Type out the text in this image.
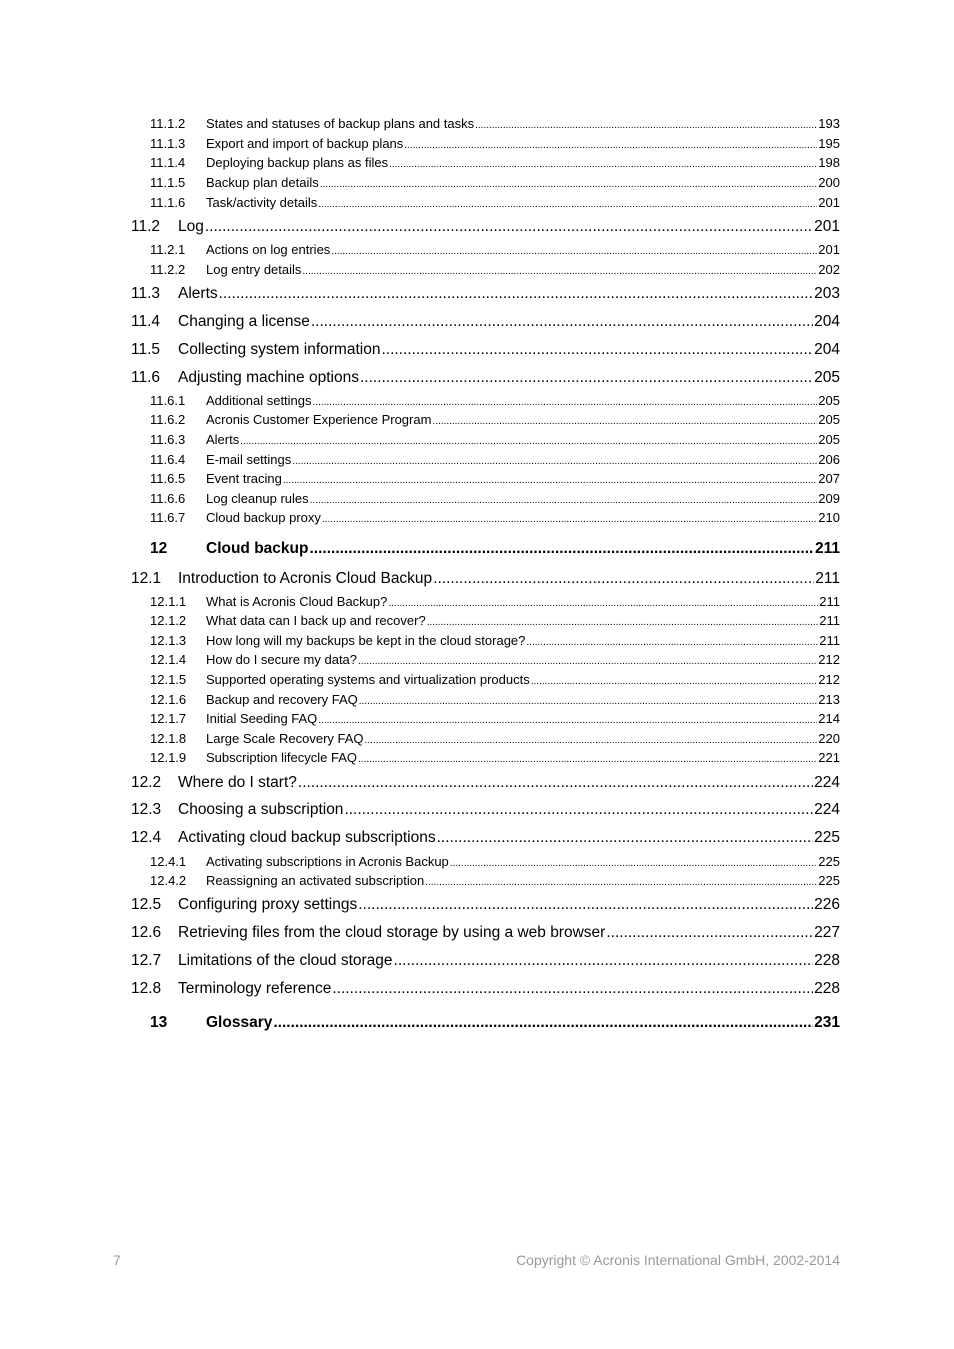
11.1.2	States and statuses of backup plans and tasks .....	193
11.1.3	Export and import of backup plans .....	195
11.1.4	Deploying backup plans as files .....	198
11.1.5	Backup plan details .....	200
11.1.6	Task/activity details .....	201
11.2	Log .....	201
11.2.1	Actions on log entries .....	201
11.2.2	Log entry details .....	202
11.3	Alerts .....	203
11.4	Changing a license .....	204
11.5	Collecting system information .....	204
11.6	Adjusting machine options .....	205
11.6.1	Additional settings .....	205
11.6.2	Acronis Customer Experience Program .....	205
11.6.3	Alerts .....	205
11.6.4	E-mail settings .....	206
11.6.5	Event tracing .....	207
11.6.6	Log cleanup rules .....	209
11.6.7	Cloud backup proxy .....	210
12	Cloud backup .....	211
12.1	Introduction to Acronis Cloud Backup .....	211
12.1.1	What is Acronis Cloud Backup? .....	211
12.1.2	What data can I back up and recover? .....	211
12.1.3	How long will my backups be kept in the cloud storage? .....	211
12.1.4	How do I secure my data? .....	212
12.1.5	Supported operating systems and virtualization products .....	212
12.1.6	Backup and recovery FAQ .....	213
12.1.7	Initial Seeding FAQ .....	214
12.1.8	Large Scale Recovery FAQ .....	220
12.1.9	Subscription lifecycle FAQ .....	221
12.2	Where do I start? .....	224
12.3	Choosing a subscription .....	224
12.4	Activating cloud backup subscriptions .....	225
12.4.1	Activating subscriptions in Acronis Backup .....	225
12.4.2	Reassigning an activated subscription .....	225
12.5	Configuring proxy settings .....	226
12.6	Retrieving files from the cloud storage by using a web browser .....	227
12.7	Limitations of the cloud storage .....	228
12.8	Terminology reference .....	228
13	Glossary .....	231
7	Copyright © Acronis International GmbH, 2002-2014
